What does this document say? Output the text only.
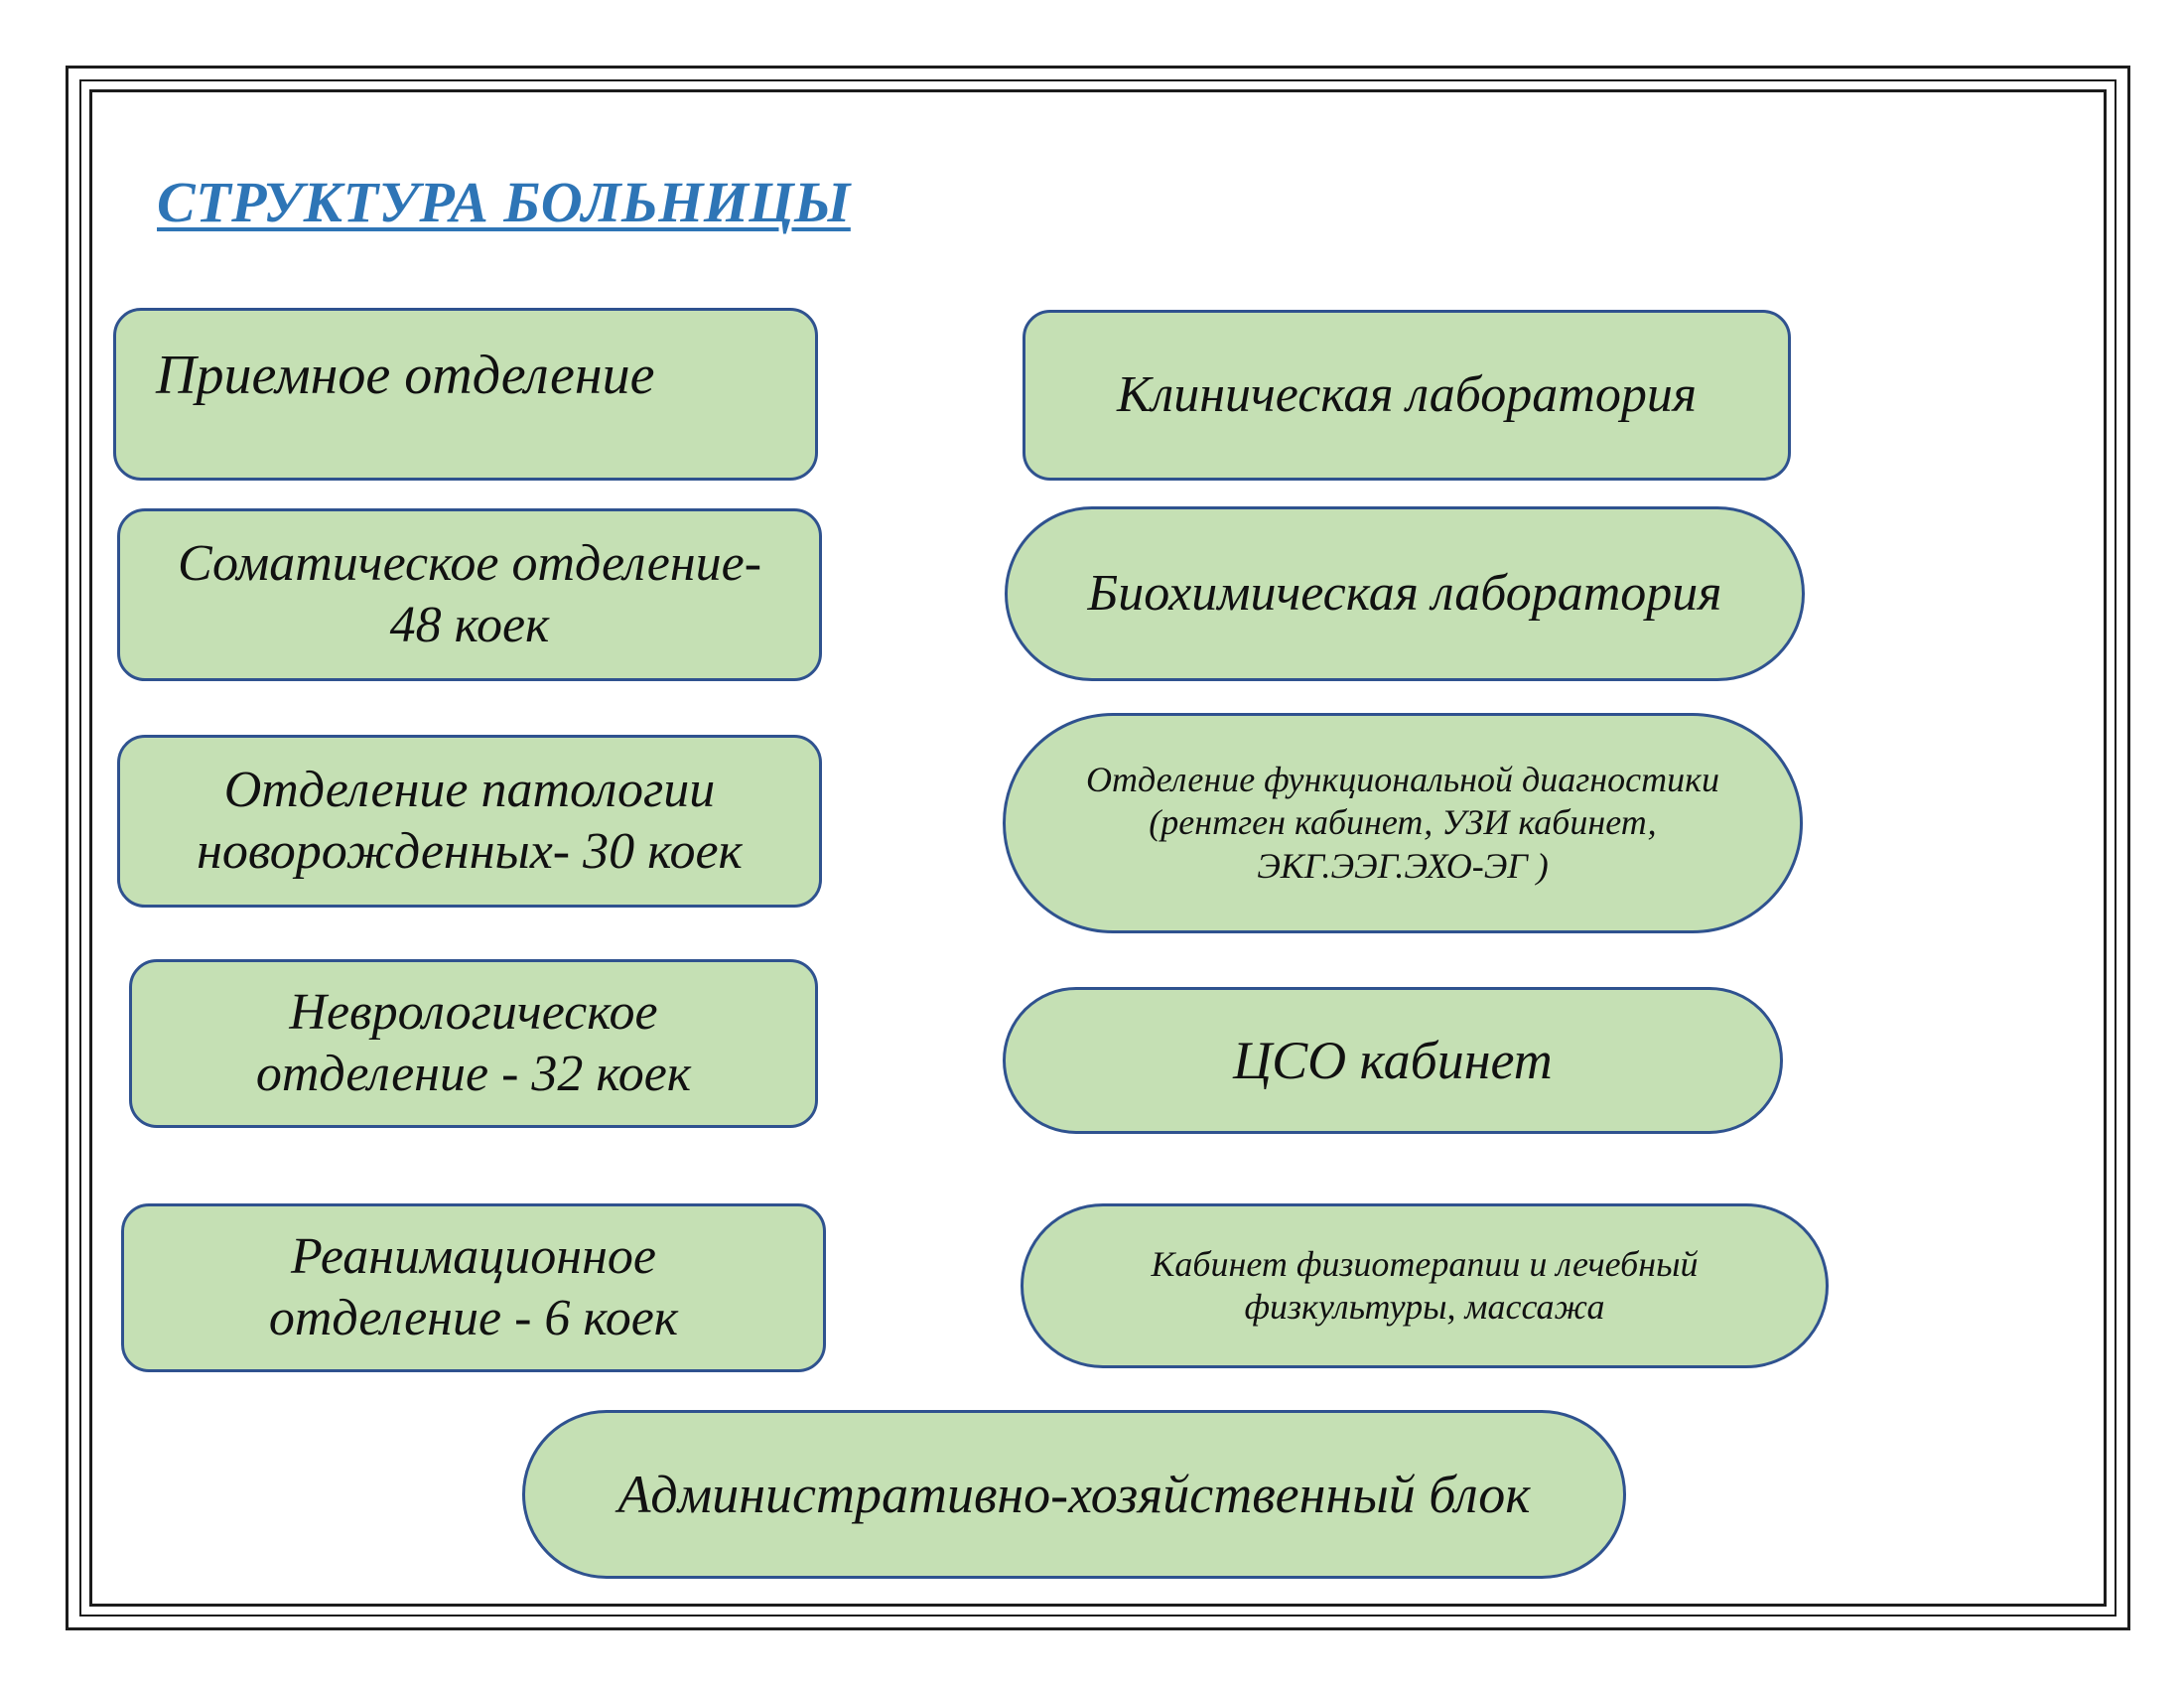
СТРУКТУРА БОЛЬНИЦЫ
Приемное отделение
Соматическое отделение-
48 коек
Отделение патологии
новорожденных- 30 коек
Неврологическое
отделение - 32 коек
Реанимационное
отделение - 6 коек
Клиническая лаборатория
Биохимическая лаборатория
Отделение функциональной диагностики
(рентген кабинет, УЗИ кабинет,
ЭКГ.ЭЭГ.ЭХО-ЭГ )
ЦСО кабинет
Кабинет физиотерапии и лечебный
физкультуры, массажа
Административно-хозяйственный блок
